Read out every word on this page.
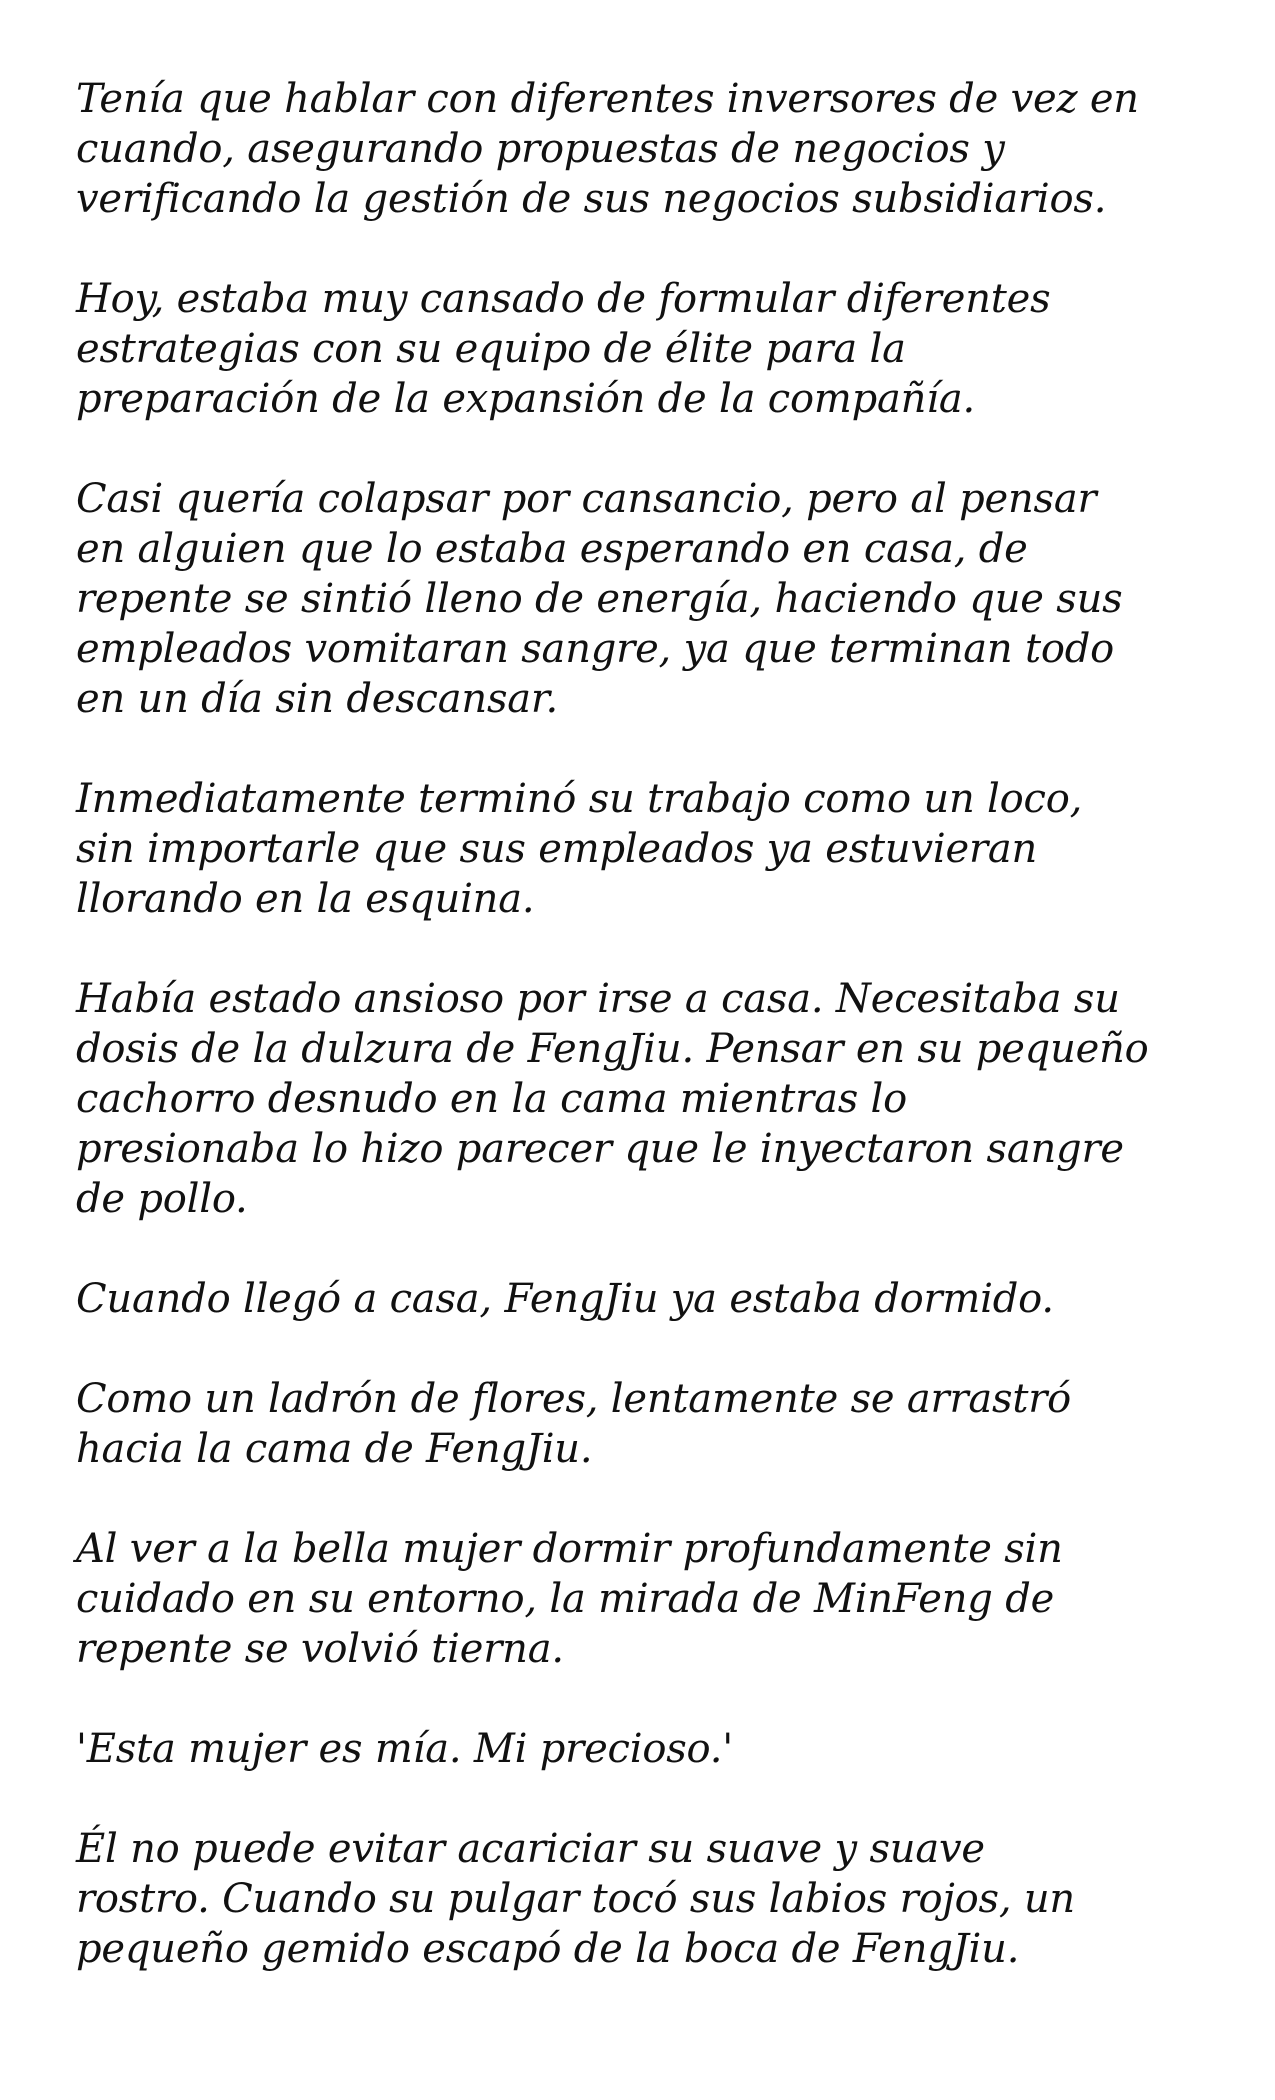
Tenía que hablar con diferentes inversores de vez en
cuando, asegurando propuestas de negocios y
verificando la gestión de sus negocios subsidiarios.

Hoy, estaba muy cansado de formular diferentes
estrategias con su equipo de élite para la
preparación de la expansión de la compañía.

Casi quería colapsar por cansancio, pero al pensar
en alguien que lo estaba esperando en casa, de
repente se sintió lleno de energía, haciendo que sus
empleados vomitaran sangre, ya que terminan todo
en un día sin descansar.

Inmediatamente terminó su trabajo como un loco,
sin importarle que sus empleados ya estuvieran
llorando en la esquina.

Había estado ansioso por irse a casa. Necesitaba su
dosis de la dulzura de FengJiu. Pensar en su pequeño
cachorro desnudo en la cama mientras lo
presionaba lo hizo parecer que le inyectaron sangre
de pollo.

Cuando llegó a casa, FengJiu ya estaba dormido.

Como un ladrón de flores, lentamente se arrastró
hacia la cama de FengJiu.

Al ver a la bella mujer dormir profundamente sin
cuidado en su entorno, la mirada de MinFeng de
repente se volvió tierna.

'Esta mujer es mía. Mi precioso.'

Él no puede evitar acariciar su suave y suave
rostro. Cuando su pulgar tocó sus labios rojos, un
pequeño gemido escapó de la boca de FengJiu.
